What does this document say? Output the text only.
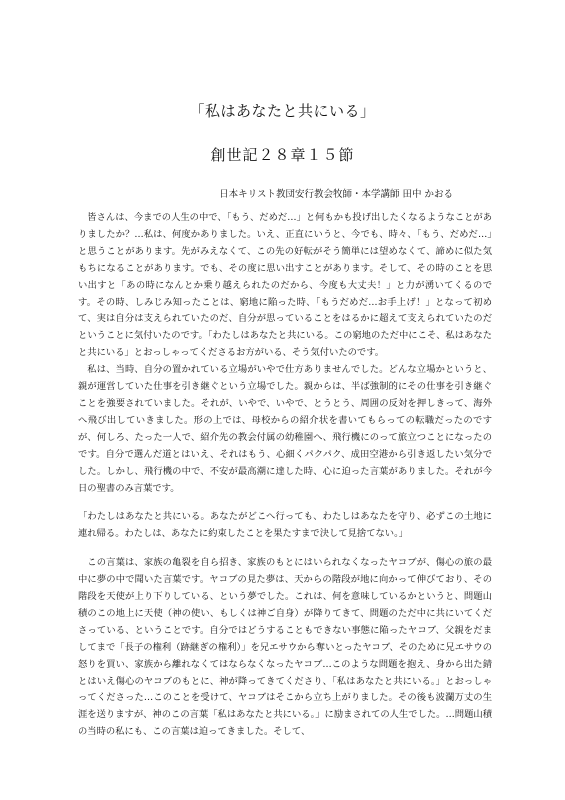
「私はあなたと共にいる」
創世記２８章１５節
日本キリスト教団安行教会牧師・本学講師 田中 かおる

皆さんは、今までの人生の中で、「もう、だめだ…」と何もかも投げ出したくなるようなことがありましたか？…私は、何度かありました。いえ、正直にいうと、今でも、時々、「もう、だめだ…」と思うことがあります。先がみえなくて、この先の好転がそう簡単には望めなくて、諦めに似た気もちになることがあります。でも、その度に思い出すことがあります。そして、その時のことを思い出すと「あの時になんとか乗り越えられたのだから、今度も大丈夫！」と力が湧いてくるのです。その時、しみじみ知ったことは、窮地に陥った時、「もうだめだ…お手上げ！」となって初めて、実は自分は支えられていたのだ、自分が思っていることをはるかに超えて支えられていたのだということに気付いたのです。「わたしはあなたと共にいる。この窮地のただ中にこそ、私はあなたと共にいる」とおっしゃってくださるお方がいる、そう気付いたのです。

私は、当時、自分の置かれている立場がいやで仕方ありませんでした。どんな立場かというと、親が運営していた仕事を引き継ぐという立場でした。親からは、半ば強制的にその仕事を引き継ぐことを強要されていました。それが、いやで、いやで、とうとう、周囲の反対を押しきって、海外へ飛び出していきました。形の上では、母校からの紹介状を書いてもらっての転職だったのですが、何しろ、たった一人で、紹介先の教会付属の幼稚園へ、飛行機にのって旅立つことになったのです。自分で選んだ道とはいえ、それはもう、心細くパクパク、成田空港から引き返したい気分でした。しかし、飛行機の中で、不安が最高潮に達した時、心に迫った言葉がありました。それが今日の聖書のみ言葉です。

「わたしはあなたと共にいる。あなたがどこへ行っても、わたしはあなたを守り、必ずこの土地に連れ帰る。わたしは、あなたに約束したことを果たすまで決して見捨てない。」

この言葉は、家族の亀裂を自ら招き、家族のもとにはいられなくなったヤコブが、傷心の旅の最中に夢の中で聞いた言葉です。ヤコブの見た夢は、天からの階段が地に向かって伸びており、その階段を天使が上り下りしている、という夢でした。これは、何を意味しているかというと、問題山積のこの地上に天使（神の使い、もしくは神ご自身）が降りてきて、問題のただ中に共にいてくださっている、ということです。自分ではどうすることもできない事態に陥ったヤコブ、父親をだましてまで「長子の権利（跡継ぎの権利）」を兄エサウから奪いとったヤコブ、そのために兄エサウの怒りを買い、家族から離れなくてはならなくなったヤコブ…このような問題を抱え、身から出た錆とはいえ傷心のヤコブのもとに、神が降ってきてくださり、「私はあなたと共にいる。」とおっしゃってくださった…このことを受けて、ヤコブはそこから立ち上がりました。その後も波瀾万丈の生涯を送りますが、神のこの言葉「私はあなたと共にいる。」に励まされての人生でした。…問題山積の当時の私にも、この言葉は迫ってきました。そして、
